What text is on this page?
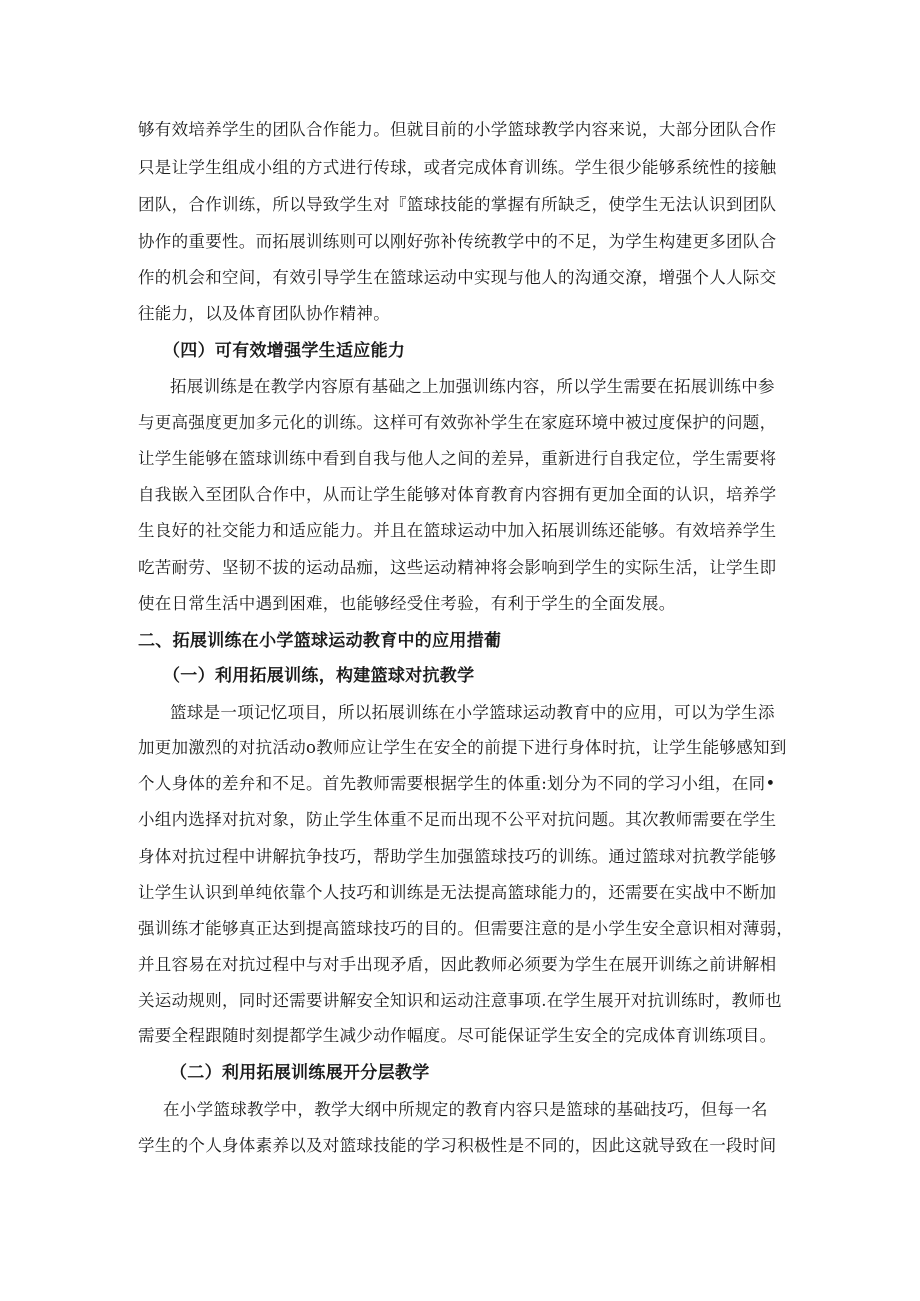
够有效培养学生的团队合作能力。但就目前的小学篮球教学内容来说，大部分团队合作
只是让学生组成小组的方式进行传球，或者完成体育训练。学生很少能够系统性的接触
团队，合作训练，所以导致学生对『篮球技能的掌握有所缺乏，使学生无法认识到团队
协作的重要性。而拓展训练则可以刚好弥补传统教学中的不足，为学生构建更多团队合
作的机会和空间，有效引导学生在篮球运动中实现与他人的沟通交潦，增强个人人际交
往能力，以及体育团队协作精神。
（四）可有效增强学生适应能力
拓展训练是在教学内容原有基础之上加强训练内容，所以学生需要在拓展训练中参
与更高强度更加多元化的训练。这样可有效弥补学生在家庭环境中被过度保护的问题，
让学生能够在篮球训练中看到自我与他人之间的差异，重新进行自我定位，学生需要将
自我嵌入至团队合作中，从而让学生能够对体育教育内容拥有更加全面的认识，培养学
生良好的社交能力和适应能力。并且在篮球运动中加入拓展训练还能够。有效培养学生
吃苦耐劳、坚韧不拔的运动品痂，这些运动精神将会影响到学生的实际生活，让学生即
使在日常生活中遇到困难，也能够经受住考验，有利于学生的全面发展。
二、拓展训练在小学篮球运动教育中的应用措葡
（一）利用拓展训练，构建篮球对抗教学
篮球是一项记忆项目，所以拓展训练在小学篮球运动教育中的应用，可以为学生添
加更加激烈的对抗活动o教师应让学生在安全的前提下进行身体时抗，让学生能够感知到
个人身体的差弁和不足。首先教师需要根据学生的体重:划分为不同的学习小组，在同•
小组内选择对抗对象，防止学生体重不足而出现不公平对抗问题。其次教师需要在学生
身体对抗过程中讲解抗争技巧，帮助学生加强篮球技巧的训练。通过篮球对抗教学能够
让学生认识到单纯依靠个人技巧和训练是无法提高篮球能力的，还需要在实战中不断加
强训练才能够真正达到提高篮球技巧的目的。但需要注意的是小学生安全意识相对薄弱，
并且容易在对抗过程中与对手出现矛盾，因此教师必须要为学生在展开训练之前讲解相
关运动规则，同时还需要讲解安全知识和运动注意事项.在学生展开对抗训练时，教师也
需要全程跟随时刻提都学生减少动作幅度。尽可能保证学生安全的完成体育训练项目。
（二）利用拓展训练展开分层教学
在小学篮球教学中，教学大纲中所规定的教育内容只是篮球的基础技巧，但每一名
学生的个人身体素养以及对篮球技能的学习积极性是不同的，因此这就导致在一段时间
